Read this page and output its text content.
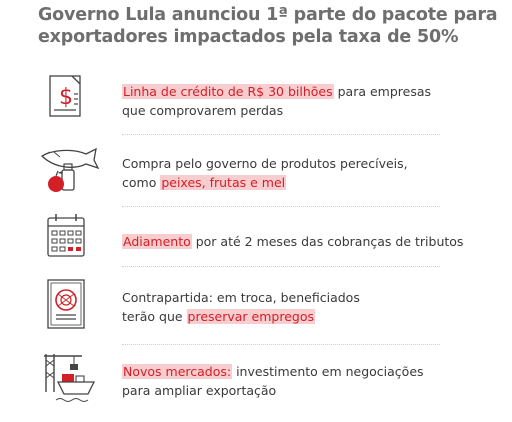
Governo Lula anunciou 1ª parte do pacote para
exportadores impactados pela taxa de 50%
$	Linha de crédito de R$ 30 bilhões para empresas
que comprovarem perdas
Compra pelo governo de produtos perecíveis,
como peixes, frutas e mel
Adiamento por até 2 meses das cobranças de tributos
Contrapartida: em troca, beneficiados
terão que preservar empregos
Novos mercados: investimento em negociações
para ampliar exportação
